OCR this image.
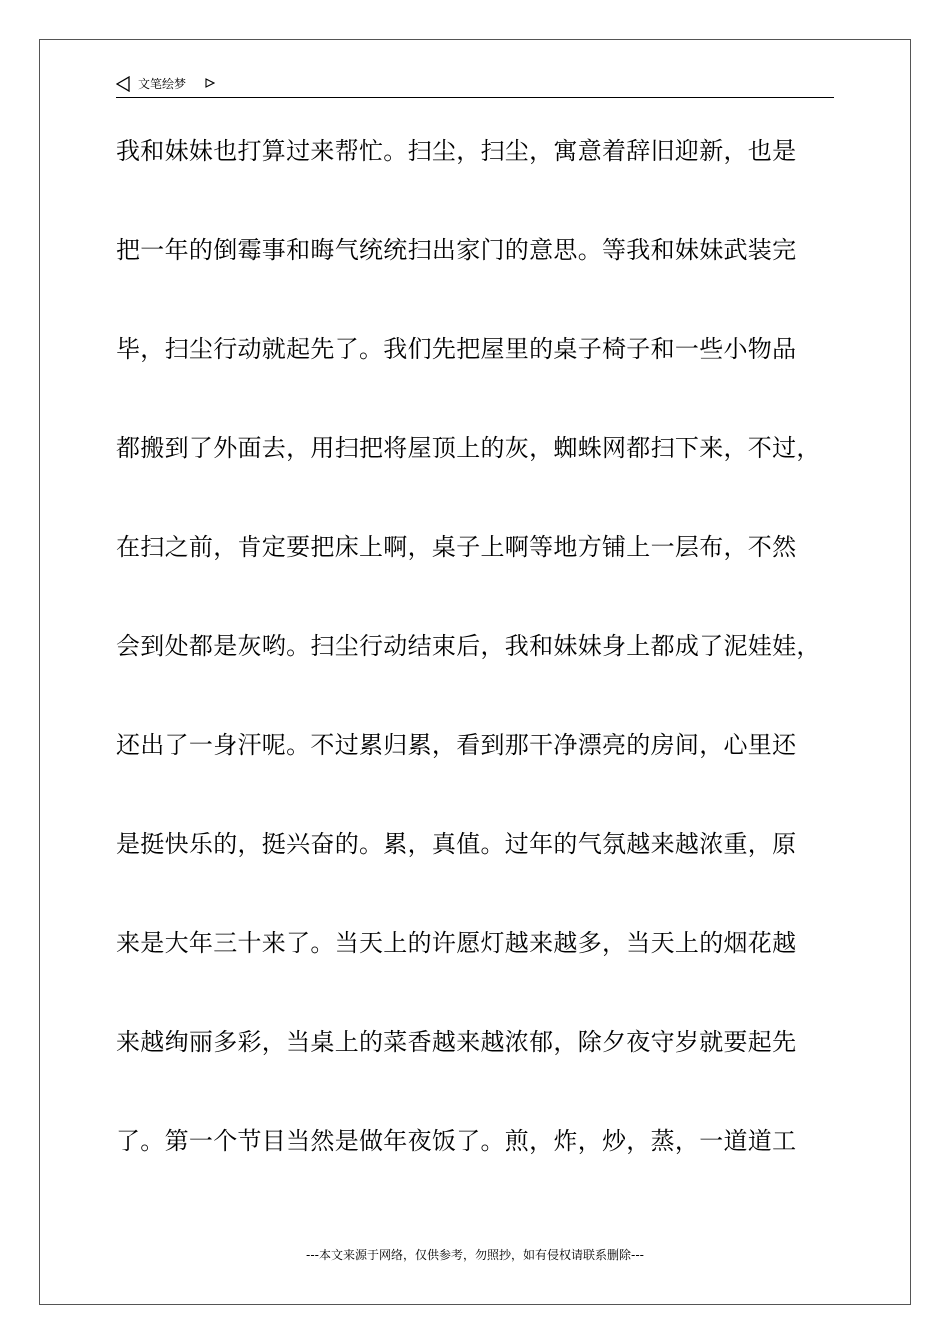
文笔绘梦
我和妹妹也打算过来帮忙。扫尘，扫尘，寓意着辞旧迎新，也是
把一年的倒霉事和晦气统统扫出家门的意思。等我和妹妹武装完
毕，扫尘行动就起先了。我们先把屋里的桌子椅子和一些小物品
都搬到了外面去，用扫把将屋顶上的灰，蜘蛛网都扫下来，不过，
在扫之前，肯定要把床上啊，桌子上啊等地方铺上一层布，不然
会到处都是灰哟。扫尘行动结束后，我和妹妹身上都成了泥娃娃，
还出了一身汗呢。不过累归累，看到那干净漂亮的房间，心里还
是挺快乐的，挺兴奋的。累，真值。过年的气氛越来越浓重，原
来是大年三十来了。当天上的许愿灯越来越多，当天上的烟花越
来越绚丽多彩，当桌上的菜香越来越浓郁，除夕夜守岁就要起先
了。第一个节目当然是做年夜饭了。煎，炸，炒，蒸，一道道工
---本文来源于网络，仅供参考，勿照抄，如有侵权请联系删除---
